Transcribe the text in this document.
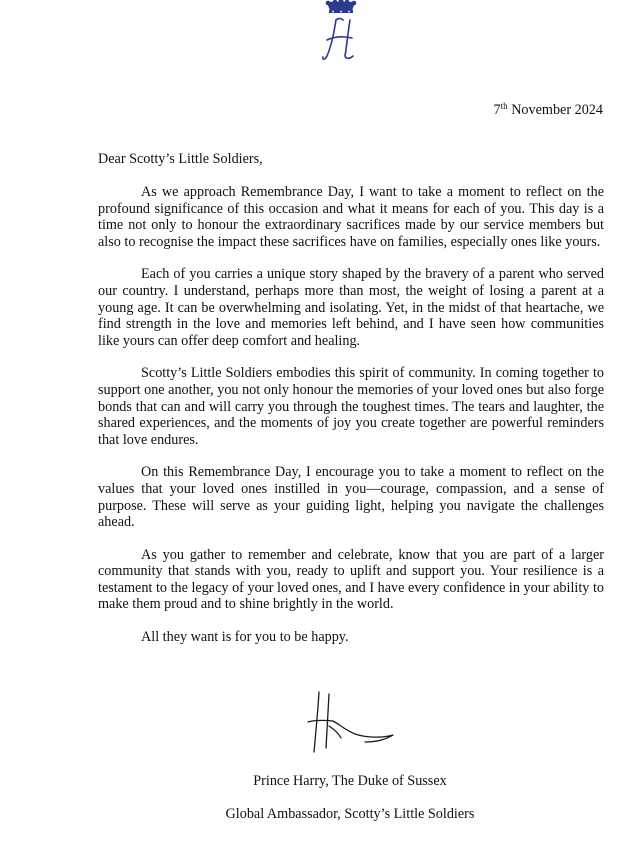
7th November 2024
Dear Scotty’s Little Soldiers,

As we approach Remembrance Day, I want to take a moment to reflect on the profound significance of this occasion and what it means for each of you. This day is a time not only to honour the extraordinary sacrifices made by our service members but also to recognise the impact these sacrifices have on families, especially ones like yours.

Each of you carries a unique story shaped by the bravery of a parent who served our country. I understand, perhaps more than most, the weight of losing a parent at a young age. It can be overwhelming and isolating. Yet, in the midst of that heartache, we find strength in the love and memories left behind, and I have seen how communities like yours can offer deep comfort and healing.

Scotty’s Little Soldiers embodies this spirit of community. In coming together to support one another, you not only honour the memories of your loved ones but also forge bonds that can and will carry you through the toughest times. The tears and laughter, the shared experiences, and the moments of joy you create together are powerful reminders that love endures.

On this Remembrance Day, I encourage you to take a moment to reflect on the values that your loved ones instilled in you—courage, compassion, and a sense of purpose. These will serve as your guiding light, helping you navigate the challenges ahead.

As you gather to remember and celebrate, know that you are part of a larger community that stands with you, ready to uplift and support you. Your resilience is a testament to the legacy of your loved ones, and I have every confidence in your ability to make them proud and to shine brightly in the world.

All they want is for you to be happy.

Prince Harry, The Duke of Sussex
Global Ambassador, Scotty’s Little Soldiers
